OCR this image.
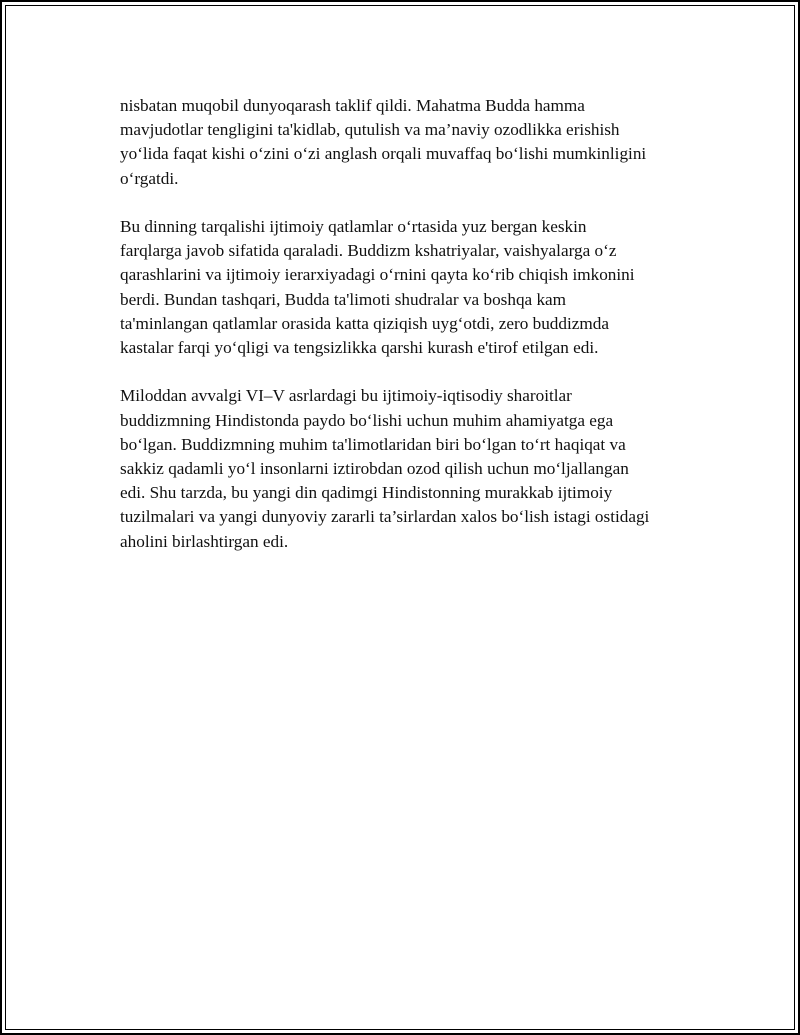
nisbatan muqobil dunyoqarash taklif qildi. Mahatma Budda hamma
mavjudotlar tengligini ta'kidlab, qutulish va ma’naviy ozodlikka erishish
yo‘lida faqat kishi o‘zini o‘zi anglash orqali muvaffaq bo‘lishi mumkinligini
o‘rgatdi.

Bu dinning tarqalishi ijtimoiy qatlamlar o‘rtasida yuz bergan keskin
farqlarga javob sifatida qaraladi. Buddizm kshatriyalar, vaishyalarga o‘z
qarashlarini va ijtimoiy ierarxiyadagi o‘rnini qayta ko‘rib chiqish imkonini
berdi. Bundan tashqari, Budda ta'limoti shudralar va boshqa kam
ta'minlangan qatlamlar orasida katta qiziqish uyg‘otdi, zero buddizmda
kastalar farqi yo‘qligi va tengsizlikka qarshi kurash e'tirof etilgan edi.

Miloddan avvalgi VI–V asrlardagi bu ijtimoiy-iqtisodiy sharoitlar
buddizmning Hindistonda paydo bo‘lishi uchun muhim ahamiyatga ega
bo‘lgan. Buddizmning muhim ta'limotlaridan biri bo‘lgan to‘rt haqiqat va
sakkiz qadamli yo‘l insonlarni iztirobdan ozod qilish uchun mo‘ljallangan
edi. Shu tarzda, bu yangi din qadimgi Hindistonning murakkab ijtimoiy
tuzilmalari va yangi dunyoviy zararli ta’sirlardan xalos bo‘lish istagi ostidagi
aholini birlashtirgan edi.
